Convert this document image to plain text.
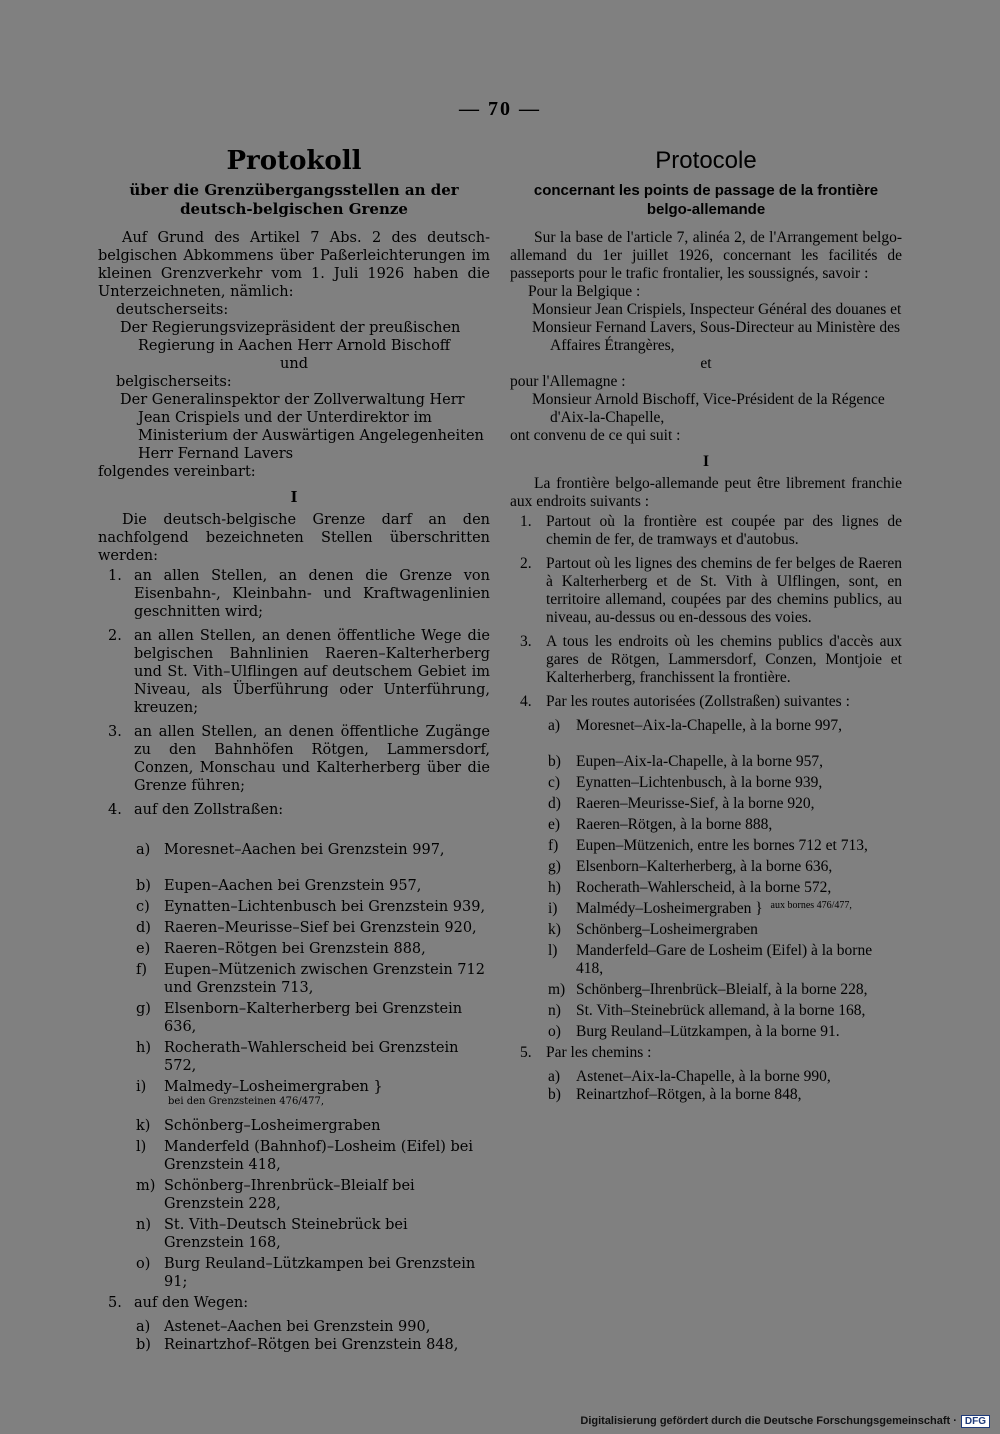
— 70 —
Protokoll
über die Grenzübergangsstellen an der deutsch-belgischen Grenze

Auf Grund des Artikel 7 Abs. 2 des deutsch-belgischen Abkommens über Paßerleichterungen im kleinen Grenzverkehr vom 1. Juli 1926 haben die Unterzeichneten, nämlich:

deutscherseits:

Der Regierungsvizepräsident der preußischen Regierung in Aachen Herr Arnold Bischoff

und

belgischerseits:

Der Generalinspektor der Zollverwaltung Herr Jean Crispiels und der Unterdirektor im Ministerium der Auswärtigen Angelegenheiten Herr Fernand Lavers

folgendes vereinbart:

I

Die deutsch-belgische Grenze darf an den nachfolgend bezeichneten Stellen überschritten werden:

1. an allen Stellen, an denen die Grenze von Eisenbahn-, Kleinbahn- und Kraftwagenlinien geschnitten wird;
2. an allen Stellen, an denen öffentliche Wege die belgischen Bahnlinien Raeren–Kalterherberg und St. Vith–Ulflingen auf deutschem Gebiet im Niveau, als Überführung oder Unterführung, kreuzen;
3. an allen Stellen, an denen öffentliche Zugänge zu den Bahnhöfen Rötgen, Lammersdorf, Conzen, Monschau und Kalterherberg über die Grenze führen;
4. auf den Zollstraßen:
a) Moresnet–Aachen bei Grenzstein 997,
b) Eupen–Aachen bei Grenzstein 957,
c) Eynatten–Lichtenbusch bei Grenzstein 939,
d) Raeren–Meurisse–Sief bei Grenzstein 920,
e) Raeren–Rötgen bei Grenzstein 888,
f) Eupen–Mützenich zwischen Grenzstein 712 und Grenzstein 713,
g) Elsenborn–Kalterherberg bei Grenzstein 636,
h) Rocherath–Wahlerscheid bei Grenzstein 572,
i) Malmedy–Losheimergraben } bei den Grenzsteinen 476/477,
k) Schönberg–Losheimergraben
l) Manderfeld (Bahnhof)–Losheim (Eifel) bei Grenzstein 418,
m) Schönberg–Ihrenbrück–Bleialf bei Grenzstein 228,
n) St. Vith–Deutsch Steinebrück bei Grenzstein 168,
o) Burg Reuland–Lützkampen bei Grenzstein 91;
5. auf den Wegen:
a) Astenet–Aachen bei Grenzstein 990,
b) Reinartzhof–Rötgen bei Grenzstein 848,
Protocole
concernant les points de passage de la frontière belgo-allemande

Sur la base de l'article 7, alinéa 2, de l'Arrangement belgo-allemand du 1er juillet 1926, concernant les facilités de passeports pour le trafic frontalier, les soussignés, savoir :

Pour la Belgique :

Monsieur Jean Crispiels, Inspecteur Général des douanes et

Monsieur Fernand Lavers, Sous-Directeur au Ministère des Affaires Étrangères,

et

pour l'Allemagne :

Monsieur Arnold Bischoff, Vice-Président de la Régence d'Aix-la-Chapelle,

ont convenu de ce qui suit :

I

La frontière belgo-allemande peut être librement franchie aux endroits suivants :

1. Partout où la frontière est coupée par des lignes de chemin de fer, de tramways et d'autobus.
2. Partout où les lignes des chemins de fer belges de Raeren à Kalterherberg et de St. Vith à Ulflingen, sont, en territoire allemand, coupées par des chemins publics, au niveau, au-dessus ou en-dessous des voies.
3. A tous les endroits où les chemins publics d'accès aux gares de Rötgen, Lammersdorf, Conzen, Montjoie et Kalterherberg, franchissent la frontière.
4. Par les routes autorisées (Zollstraßen) suivantes :
a) Moresnet–Aix-la-Chapelle, à la borne 997,
b) Eupen–Aix-la-Chapelle, à la borne 957,
c) Eynatten–Lichtenbusch, à la borne 939,
d) Raeren–Meurisse-Sief, à la borne 920,
e) Raeren–Rötgen, à la borne 888,
f) Eupen–Mützenich, entre les bornes 712 et 713,
g) Elsenborn–Kalterherberg, à la borne 636,
h) Rocherath–Wahlerscheid, à la borne 572,
i) Malmédy–Losheimergraben } aux bornes 476/477,
k) Schönberg–Losheimergraben
l) Manderfeld–Gare de Losheim (Eifel) à la borne 418,
m) Schönberg–Ihrenbrück–Bleialf, à la borne 228,
n) St. Vith–Steinebrück allemand, à la borne 168,
o) Burg Reuland–Lützkampen, à la borne 91.
5. Par les chemins :
a) Astenet–Aix-la-Chapelle, à la borne 990,
b) Reinartzhof–Rötgen, à la borne 848,
Digitalisierung gefördert durch die Deutsche Forschungsgemeinschaft · DFG
